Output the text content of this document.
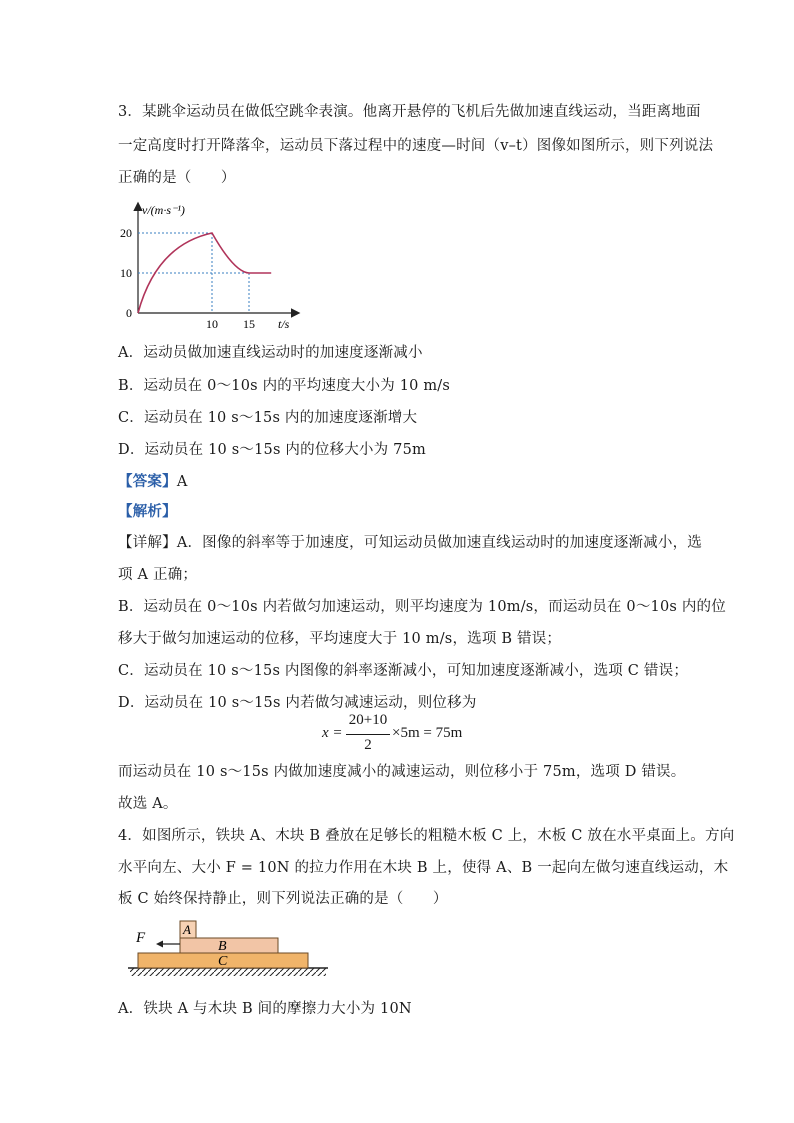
3．某跳伞运动员在做低空跳伞表演。他离开悬停的飞机后先做加速直线运动，当距离地面
一定高度时打开降落伞，运动员下落过程中的速度—时间（v–t）图像如图所示，则下列说法
正确的是（　　）
v/(m·s⁻¹)
t/s
0
10
20
10 15
A．运动员做加速直线运动时的加速度逐渐减小
B．运动员在 0～10s 内的平均速度大小为 10 m/s
C．运动员在 10 s～15s 内的加速度逐渐增大
D．运动员在 10 s～15s 内的位移大小为 75m
【答案】A
【解析】
【详解】A．图像的斜率等于加速度，可知运动员做加速直线运动时的加速度逐渐减小，选
项 A 正确；
B．运动员在 0～10s 内若做匀加速运动，则平均速度为 10m/s，而运动员在 0～10s 内的位
移大于做匀加速运动的位移，平均速度大于 10 m/s，选项 B 错误；
C．运动员在 10 s～15s 内图像的斜率逐渐减小，可知加速度逐渐减小，选项 C 错误；
D．运动员在 10 s～15s 内若做匀减速运动，则位移为
x =
20+10
2
×5m = 75m
而运动员在 10 s～15s 内做加速度减小的减速运动，则位移小于 75m，选项 D 错误。
故选 A。
4．如图所示，铁块 A、木块 B 叠放在足够长的粗糙木板 C 上，木板 C 放在水平桌面上。方向
水平向左、大小 F = 10N 的拉力作用在木块 B 上，使得 A、B 一起向左做匀速直线运动，木
板 C 始终保持静止，则下列说法正确的是（　　）
F
A
B
C
A．铁块 A 与木块 B 间的摩擦力大小为 10N
